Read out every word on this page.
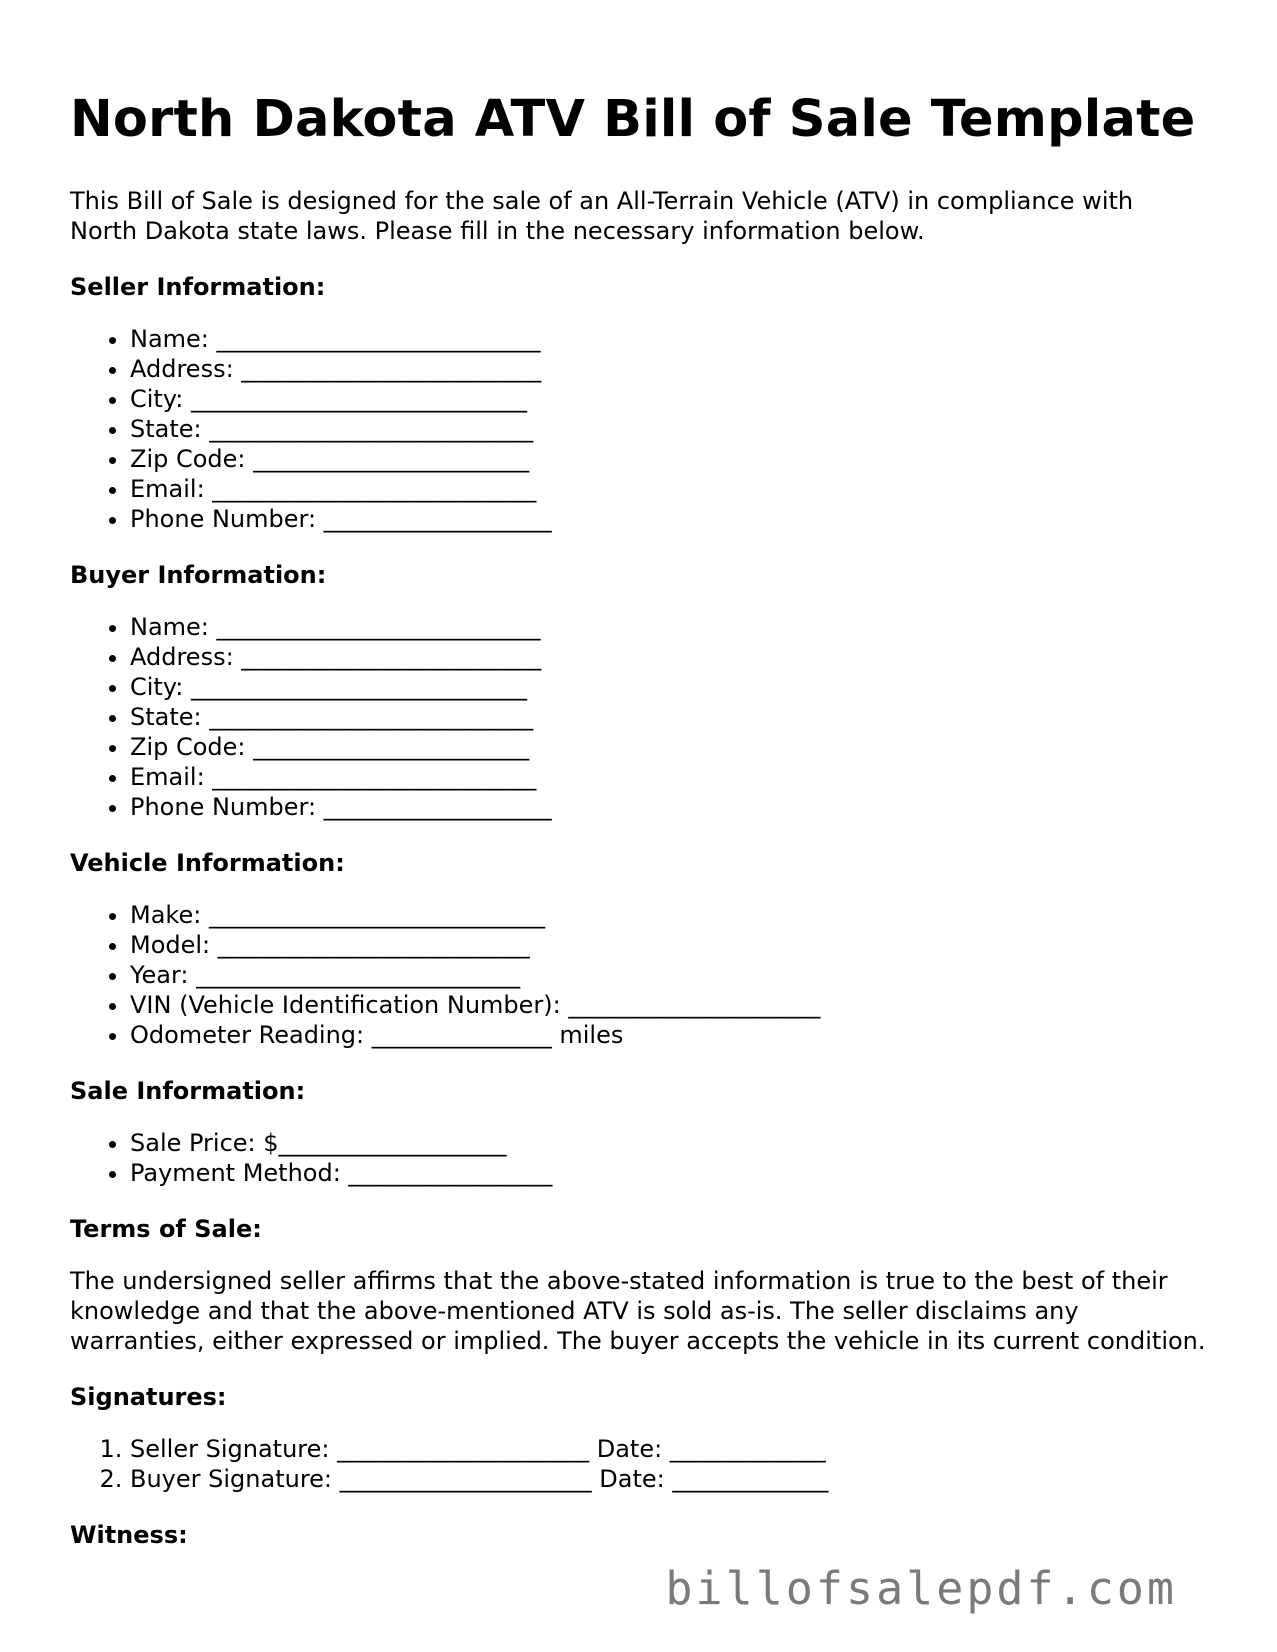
North Dakota ATV Bill of Sale Template

This Bill of Sale is designed for the sale of an All-Terrain Vehicle (ATV) in compliance with North Dakota state laws. Please fill in the necessary information below.

Seller Information:
• Name: ___________________________
• Address: _________________________
• City: ____________________________
• State: ___________________________
• Zip Code: _______________________
• Email: ___________________________
• Phone Number: ___________________
Buyer Information:
• Name: ___________________________
• Address: _________________________
• City: ____________________________
• State: ___________________________
• Zip Code: _______________________
• Email: ___________________________
• Phone Number: ___________________
Vehicle Information:
• Make: ____________________________
• Model: __________________________
• Year: ___________________________
• VIN (Vehicle Identification Number): _____________________
• Odometer Reading: _______________ miles
Sale Information:
• Sale Price: $___________________
• Payment Method: _________________
Terms of Sale:

The undersigned seller affirms that the above-stated information is true to the best of their knowledge and that the above-mentioned ATV is sold as-is. The seller disclaims any warranties, either expressed or implied. The buyer accepts the vehicle in its current condition.

Signatures:
1. Seller Signature: _____________________ Date: _____________
2. Buyer Signature: _____________________ Date: _____________
Witness:
billofsalepdf.com
